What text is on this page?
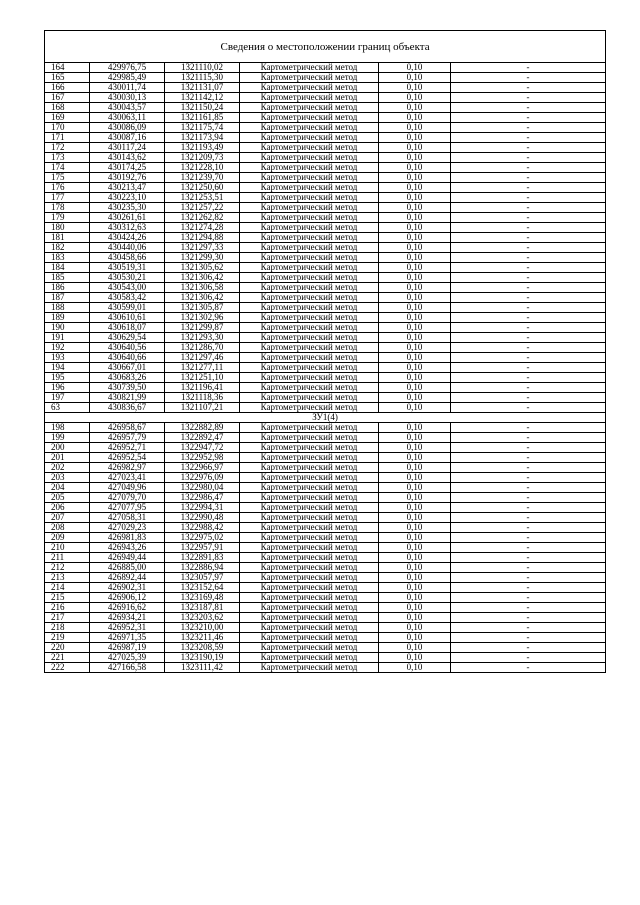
Сведения о местоположении границ объекта					
164	429976,75	1321110,02	Картометрический метод	0,10	-
165	429985,49	1321115,30	Картометрический метод	0,10	-
166	430011,74	1321131,07	Картометрический метод	0,10	-
167	430030,13	1321142,12	Картометрический метод	0,10	-
168	430043,57	1321150,24	Картометрический метод	0,10	-
169	430063,11	1321161,85	Картометрический метод	0,10	-
170	430086,09	1321175,74	Картометрический метод	0,10	-
171	430087,16	1321173,94	Картометрический метод	0,10	-
172	430117,24	1321193,49	Картометрический метод	0,10	-
173	430143,62	1321209,73	Картометрический метод	0,10	-
174	430174,25	1321228,10	Картометрический метод	0,10	-
175	430192,76	1321239,70	Картометрический метод	0,10	-
176	430213,47	1321250,60	Картометрический метод	0,10	-
177	430223,10	1321253,51	Картометрический метод	0,10	-
178	430235,30	1321257,22	Картометрический метод	0,10	-
179	430261,61	1321262,82	Картометрический метод	0,10	-
180	430312,63	1321274,28	Картометрический метод	0,10	-
181	430424,26	1321294,88	Картометрический метод	0,10	-
182	430440,06	1321297,33	Картометрический метод	0,10	-
183	430458,66	1321299,30	Картометрический метод	0,10	-
184	430519,31	1321305,62	Картометрический метод	0,10	-
185	430530,21	1321306,42	Картометрический метод	0,10	-
186	430543,00	1321306,58	Картометрический метод	0,10	-
187	430583,42	1321306,42	Картометрический метод	0,10	-
188	430599,01	1321305,87	Картометрический метод	0,10	-
189	430610,61	1321302,96	Картометрический метод	0,10	-
190	430618,07	1321299,87	Картометрический метод	0,10	-
191	430629,54	1321293,30	Картометрический метод	0,10	-
192	430640,56	1321286,70	Картометрический метод	0,10	-
193	430640,66	1321297,46	Картометрический метод	0,10	-
194	430667,01	1321277,11	Картометрический метод	0,10	-
195	430683,26	1321251,10	Картометрический метод	0,10	-
196	430739,50	1321196,41	Картометрический метод	0,10	-
197	430821,99	1321118,36	Картометрический метод	0,10	-
63	430836,67	1321107,21	Картометрический метод	0,10	-
ЗУ1(4)					
198	426958,67	1322882,89	Картометрический метод	0,10	-
199	426957,79	1322892,47	Картометрический метод	0,10	-
200	426952,71	1322947,72	Картометрический метод	0,10	-
201	426952,54	1322952,98	Картометрический метод	0,10	-
202	426982,97	1322966,97	Картометрический метод	0,10	-
203	427023,41	1322976,09	Картометрический метод	0,10	-
204	427049,96	1322980,04	Картометрический метод	0,10	-
205	427079,70	1322986,47	Картометрический метод	0,10	-
206	427077,95	1322994,31	Картометрический метод	0,10	-
207	427058,31	1322990,48	Картометрический метод	0,10	-
208	427029,23	1322988,42	Картометрический метод	0,10	-
209	426981,83	1322975,02	Картометрический метод	0,10	-
210	426943,26	1322957,91	Картометрический метод	0,10	-
211	426949,44	1322891,83	Картометрический метод	0,10	-
212	426885,00	1322886,94	Картометрический метод	0,10	-
213	426892,44	1323057,97	Картометрический метод	0,10	-
214	426902,31	1323152,64	Картометрический метод	0,10	-
215	426906,12	1323169,48	Картометрический метод	0,10	-
216	426916,62	1323187,81	Картометрический метод	0,10	-
217	426934,21	1323203,62	Картометрический метод	0,10	-
218	426952,31	1323210,00	Картометрический метод	0,10	-
219	426971,35	1323211,46	Картометрический метод	0,10	-
220	426987,19	1323208,59	Картометрический метод	0,10	-
221	427025,39	1323190,19	Картометрический метод	0,10	-
222	427166,58	1323111,42	Картометрический метод	0,10	-
